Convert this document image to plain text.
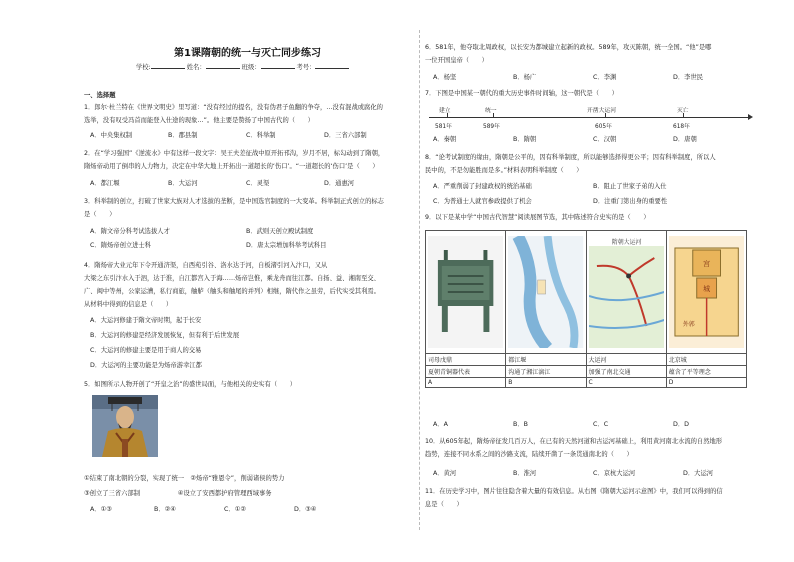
第1课隋朝的统一与灭亡同步练习
学校:	姓名：	班级：	考号：
一、选择题
1．郎尔·杜兰特在《世界文明史》里写道：“没有经过的提名，没有伪君子鱼翻的争夺，…没有混战或腐化的
选举，没有叹受冯首而能登入仕途的现象…”。他主要是赞扬了中国古代的（　　）
A．中央集权制	B．郡县制	C．科举制	D．三省六部制
2．在“学习强国”《逆流水》中有这样一段文字：吴王夫差征战中原开拓邗沟，岁月不居，标勾动到了隋朝，
隋炀帝动用了倒串的人力物力，决定在中华大地上开拓出一道超长的‘伤口’。“一道超长的‘伤口’是（　　）
A．都江堰	B．大运河	C．灵渠	D．通惠河
3．科举制的创立，打破了世家大族对人才选拔的垄断，是中国选官制度的一大变革。科举制正式创立的标志
是（　　）
A．隋文帝分科考试选拔人才	B．武则天创立殿试制度
C．隋炀帝创立进士科	D．唐太宗增加科举考试科目
4．隋炀帝大业元年下令开通济渠，自西苑引谷、洛水达于河，自板渚引河入汴口，又从
大梁之东引汴水入于泗，达于淮，自江都宫入于海……炀帝岂惟，乘龙舟而往江都。自扬、益、湘南至交、
广、闽中等州，公家运漕，私行商旅，舳舻（舳头和舳尾的并列）相继，隋代作之虽劳，后代实受其利焉。
从材料中得到的信息是（　　）
A．大运河修建于隋文帝时期，起于长安
B．大运河的修建是经济发展恢复，但有利于后世发展
C．大运河的修建主要是用于商人的交易
D．大运河的主要功能是为炀帝游幸江都
5．如图所示人物开创了“开皇之治”的盛世局面，与他相关的史实有（　　）
①结束了南北朝的分裂，实现了统一　②炀帝“雅恩令”，削弱诸侯的势力
③创立了三省六部制　　　　　　④设立了安西都护府管理西域事务
A．①③	B．②④	C．①②	D．③④
6．581年，他夺取北周政权，以长安为都城建立起新的政权。589年，攻灭陈朝，统一全国。“他”是哪
一位开国皇帝（　　）
A．杨坚	B．杨广	C．李渊	D．李世民
7．下图是中国某一朝代的重大历史事件时间轴，这一朝代是（　　）
建立	统一	开凿大运河	灭亡
581年	589年	605年	618年
A．秦朝	B．隋朝	C．汉朝	D．唐朝
8．“论考试制度的缘由，隋朝是公平的，因有科举制度，所以能够选择得更公平；因有科举制度，所以人
民中的，不是勿能胜而是多。”材料表明科举制度（　　）
A．严重削弱了封建政权的统治基础	B．阻止了世家子弟的入仕
C．为普通士人就官参政提供了机会	D．注重门第出身的重要性
9．以下是某中学“中国古代智慧”阅读展图节选，其中陈述符合史实的是（　　）

隋朝大运河	宫
城
外郭

司母戊鼎	都江堰	大运河	北京城
夏朝青铜器代表	沟通了湘江漓江	加强了南北交通	蕴含了平等理念
A	B	C	D
A．A	B．B	C．C	D．D
10．从605年起，隋炀帝征发几百万人，在已有的天然河道和古运河基础上，利用黄河南北水流的自然地形
趋势，连接不同水系之间的沙路支流，陆续开凿了一条贯通南北的（　　）
A．黄河	B．淮河	C．京杭大运河	D．大运河
11．在历史学习中，图片往往隐含着大量的有效信息。从右图《隋朝大运河示意图》中，我们可以得到的信
息是（　　）
